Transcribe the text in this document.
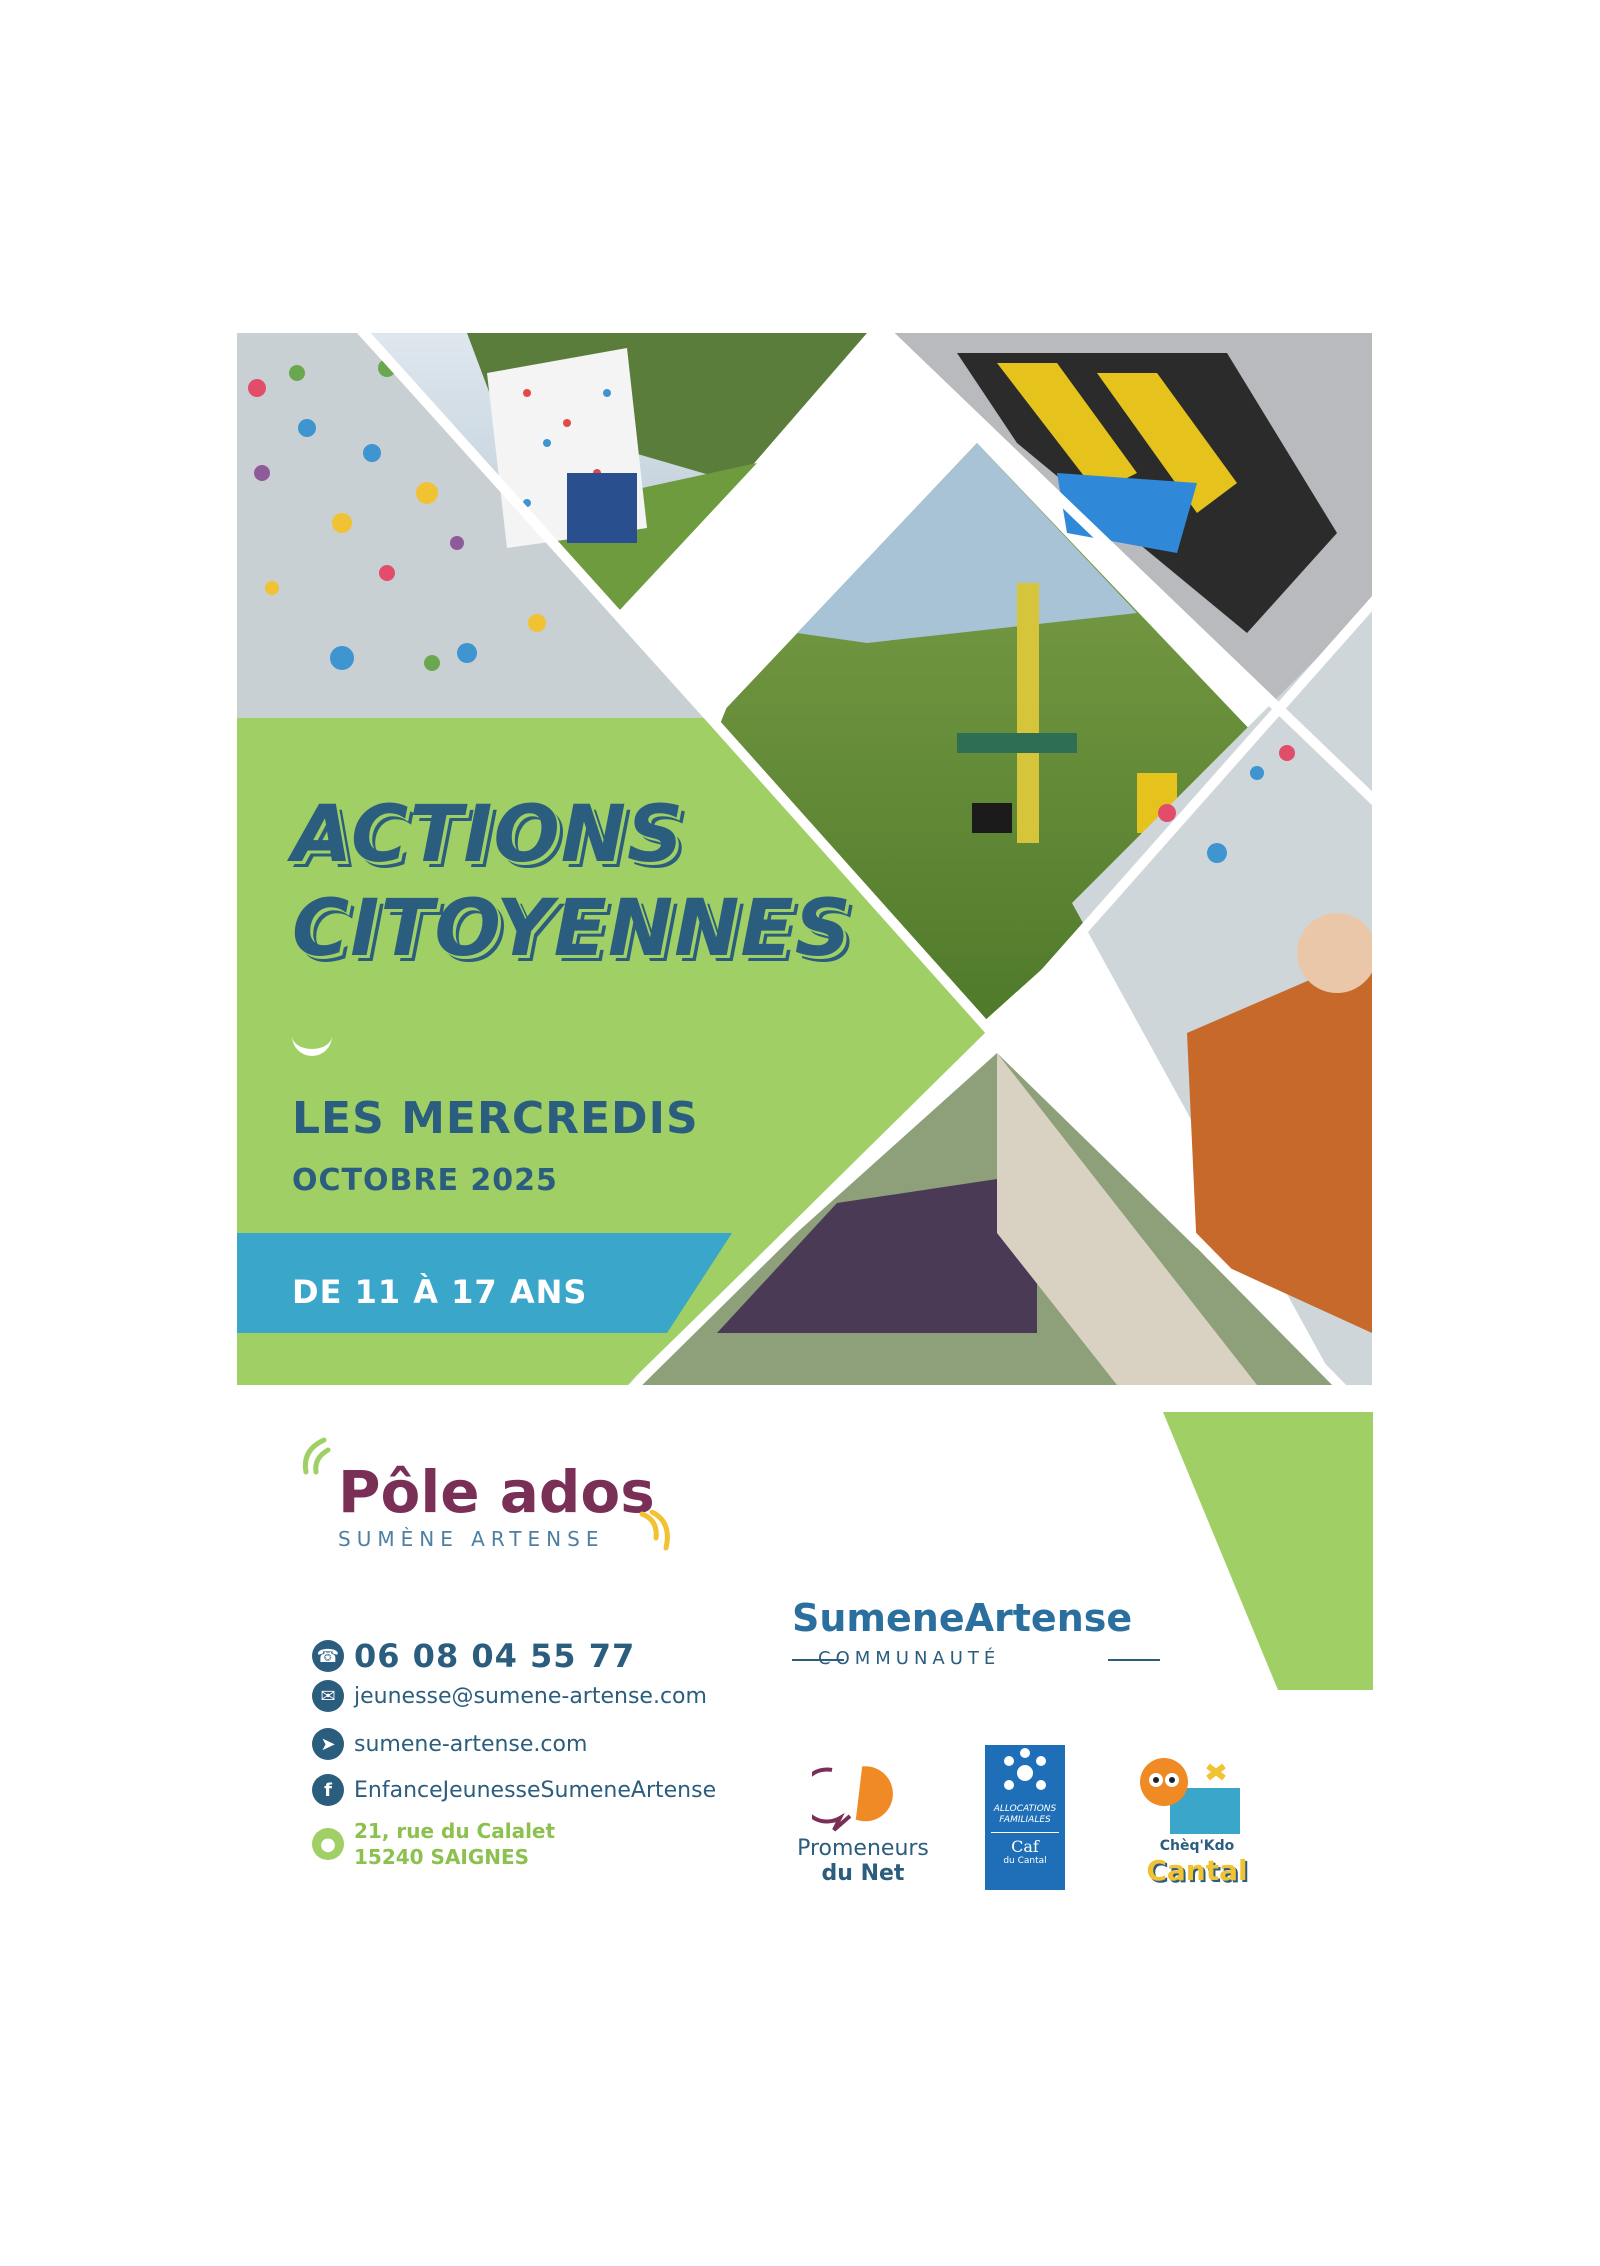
ACTIONS
CITOYENNES
LES MERCREDIS
OCTOBRE 2025
DE 11 À 17 ANS
Pôle ados
SUMÈNE ARTENSE
☎ 06 08 04 55 77
✉ jeunesse@sumene-artense.com
➤ sumene-artense.com
f	EnfanceJeunesseSumeneArtense
●
21, rue du Calalet
15240 SAIGNES
SumeneArtense
COMMUNAUTÉ
Promeneurs
du Net
ALLOCATIONS
FAMILIALES
Caf
du Cantal
Chèq'Kdo
Cantal
